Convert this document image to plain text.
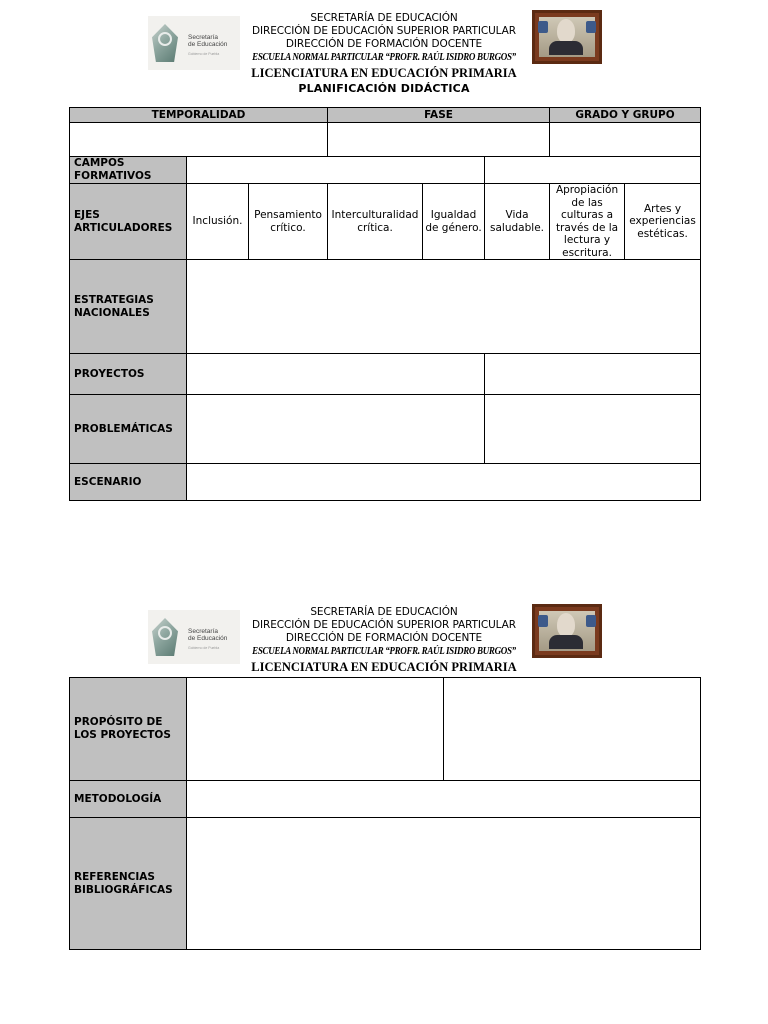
Secretaría
de Educación
Gobierno de Puebla
SECRETARÍA DE EDUCACIÓN
DIRECCIÓN DE EDUCACIÓN SUPERIOR PARTICULAR
DIRECCIÓN DE FORMACIÓN DOCENTE
ESCUELA NORMAL PARTICULAR “PROFR. RAÚL ISIDRO BURGOS”
LICENCIATURA EN EDUCACIÓN PRIMARIA
PLANIFICACIÓN DIDÁCTICA
TEMPORALIDAD			FASE			GRADO Y GRUPO	

CAMPOS FORMATIVOS							
EJES ARTICULADORES	Inclusión.	Pensamiento crítico.	Interculturalidad crítica.	Igualdad de género.	Vida saludable.	Apropiación de las culturas a través de la lectura y escritura.	Artes y experiencias estéticas.
ESTRATEGIAS NACIONALES							
PROYECTOS							
PROBLEMÁTICAS							
ESCENARIO							
Secretaría
de Educación
Gobierno de Puebla
SECRETARÍA DE EDUCACIÓN
DIRECCIÓN DE EDUCACIÓN SUPERIOR PARTICULAR
DIRECCIÓN DE FORMACIÓN DOCENTE
ESCUELA NORMAL PARTICULAR “PROFR. RAÚL ISIDRO BURGOS”
LICENCIATURA EN EDUCACIÓN PRIMARIA
PROPÓSITO DE LOS PROYECTOS		
METODOLOGÍA		
REFERENCIAS BIBLIOGRÁFICAS		
